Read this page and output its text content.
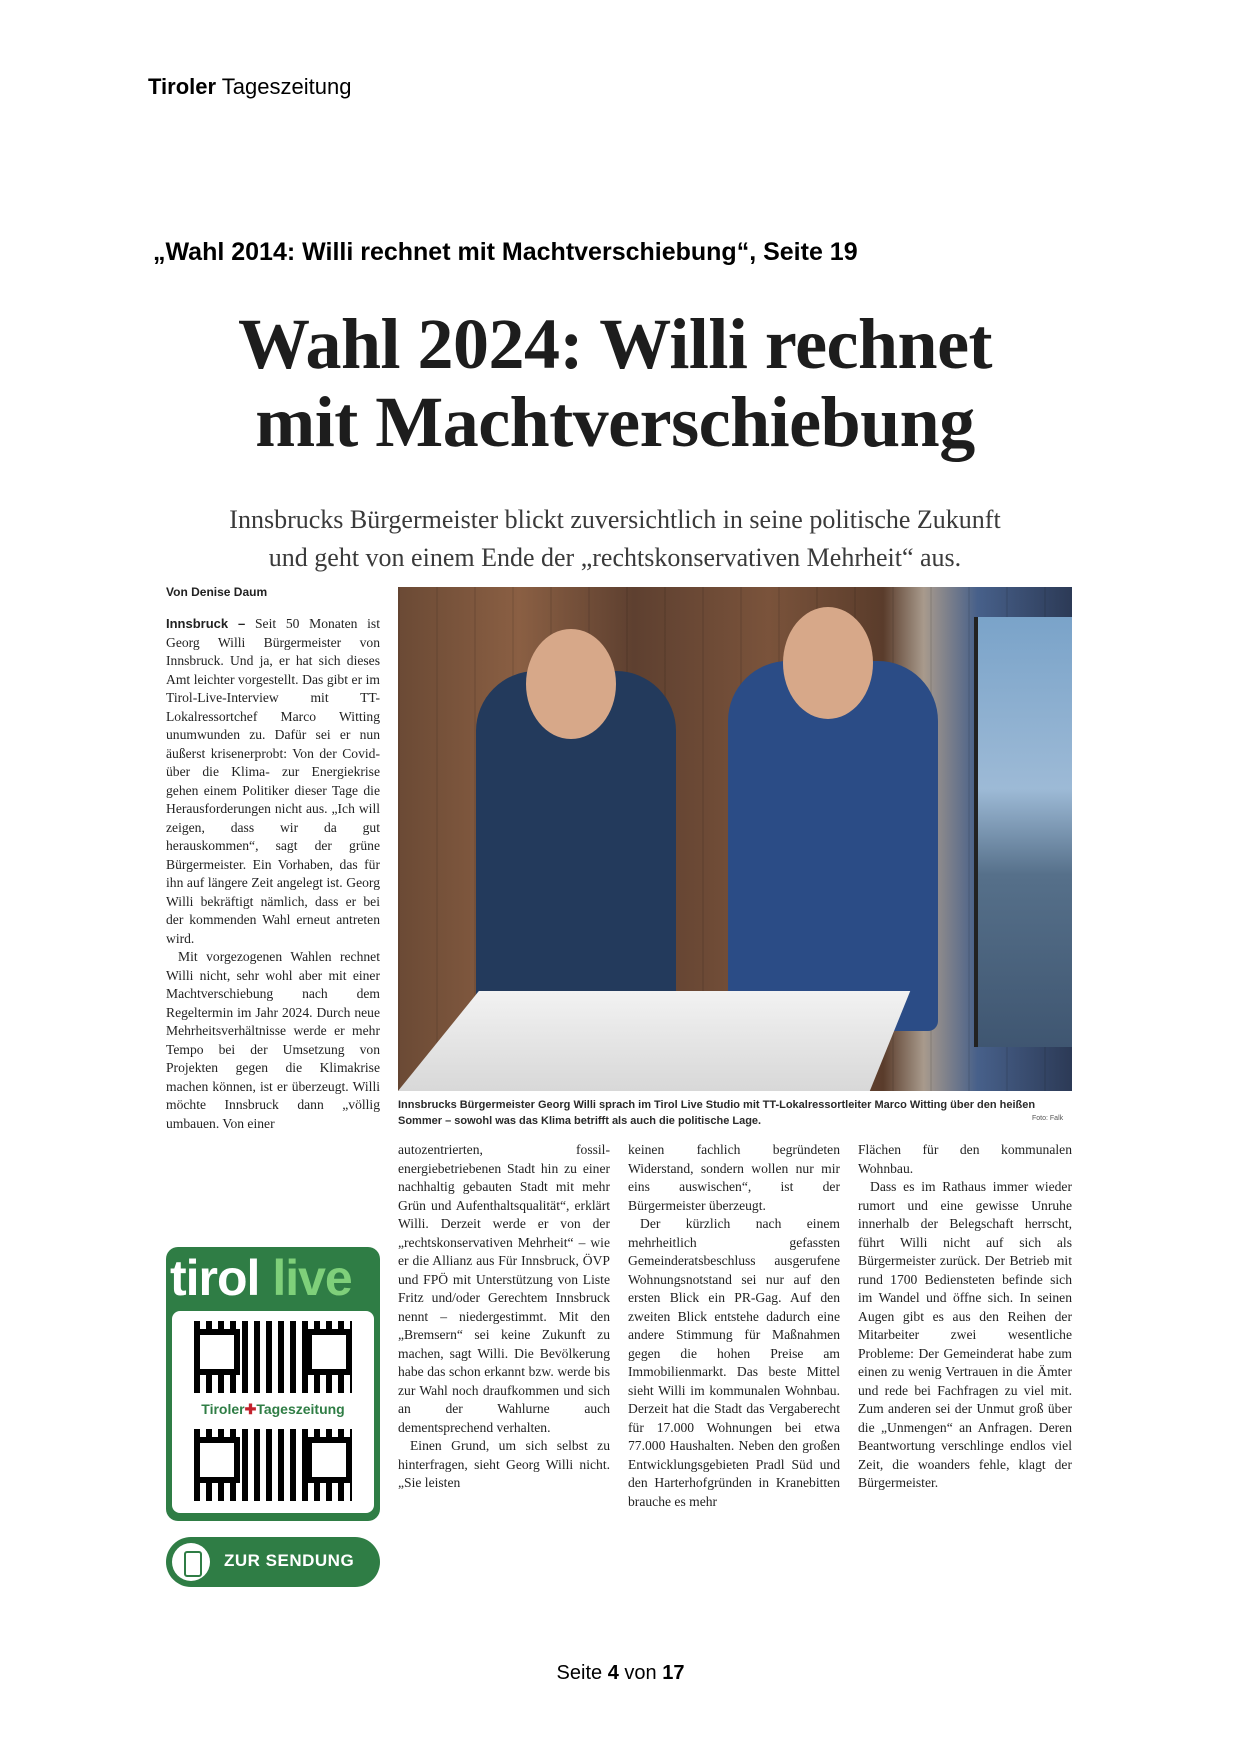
Tiroler Tageszeitung
„Wahl 2014: Willi rechnet mit Machtverschiebung“, Seite 19
Wahl 2024: Willi rechnet
mit Machtverschiebung
Innsbrucks Bürgermeister blickt zuversichtlich in seine politische Zukunft
und geht von einem Ende der „rechtskonservativen Mehrheit“ aus.
Von Denise Daum
Innsbruck – Seit 50 Monaten ist Georg Willi Bürgermeister von Innsbruck. Und ja, er hat sich dieses Amt leichter vorgestellt. Das gibt er im Tirol-Live-Interview mit TT-Lokalressortchef Marco Witting unumwunden zu. Dafür sei er nun äußerst krisenerprobt: Von der Covid- über die Klima- zur Energiekrise gehen einem Politiker dieser Tage die Herausforderungen nicht aus. „Ich will zeigen, dass wir da gut herauskommen“, sagt der grüne Bürgermeister. Ein Vorhaben, das für ihn auf längere Zeit angelegt ist. Georg Willi bekräftigt nämlich, dass er bei der kommenden Wahl erneut antreten wird.
Mit vorgezogenen Wahlen rechnet Willi nicht, sehr wohl aber mit einer Machtverschiebung nach dem Regeltermin im Jahr 2024. Durch neue Mehrheitsverhältnisse werde er mehr Tempo bei der Umsetzung von Projekten gegen die Klimakrise machen können, ist er überzeugt. Willi möchte Innsbruck dann „völlig umbauen. Von einer
Innsbrucks Bürgermeister Georg Willi sprach im Tirol Live Studio mit TT-Lokalressortleiter Marco Witting über den heißen Sommer – sowohl was das Klima betrifft als auch die politische Lage.	Foto: Falk
autozentrierten, fossil-energiebetriebenen Stadt hin zu einer nachhaltig gebauten Stadt mit mehr Grün und Aufenthaltsqualität“, erklärt Willi. Derzeit werde er von der „rechtskonservativen Mehrheit“ – wie er die Allianz aus Für Innsbruck, ÖVP und FPÖ mit Unterstützung von Liste Fritz und/oder Gerechtem Innsbruck nennt – niedergestimmt. Mit den „Bremsern“ sei keine Zukunft zu machen, sagt Willi. Die Bevölkerung habe das schon erkannt bzw. werde bis zur Wahl noch draufkommen und sich an der Wahlurne auch dementsprechend verhalten.
Einen Grund, um sich selbst zu hinterfragen, sieht Georg Willi nicht. „Sie leisten
keinen fachlich begründeten Widerstand, sondern wollen nur mir eins auswischen“, ist der Bürgermeister überzeugt.
Der kürzlich nach einem mehrheitlich gefassten Gemeinderatsbeschluss ausgerufene Wohnungsnotstand sei nur auf den ersten Blick ein PR-Gag. Auf den zweiten Blick entstehe dadurch eine andere Stimmung für Maßnahmen gegen die hohen Preise am Immobilienmarkt. Das beste Mittel sieht Willi im kommunalen Wohnbau. Derzeit hat die Stadt das Vergaberecht für 17.000 Wohnungen bei etwa 77.000 Haushalten. Neben den großen Entwicklungsgebieten Pradl Süd und den Harterhofgründen in Kranebitten brauche es mehr
Flächen für den kommunalen Wohnbau.
Dass es im Rathaus immer wieder rumort und eine gewisse Unruhe innerhalb der Belegschaft herrscht, führt Willi nicht auf sich als Bürgermeister zurück. Der Betrieb mit rund 1700 Bediensteten befinde sich im Wandel und öffne sich. In seinen Augen gibt es aus den Reihen der Mitarbeiter zwei wesentliche Probleme: Der Gemeinderat habe zum einen zu wenig Vertrauen in die Ämter und rede bei Fachfragen zu viel mit. Zum anderen sei der Unmut groß über die „Unmengen“ an Anfragen. Deren Beantwortung verschlinge endlos viel Zeit, die woanders fehle, klagt der Bürgermeister.
tirol live
Tiroler✚Tageszeitung
ZUR SENDUNG
Seite 4 von 17
